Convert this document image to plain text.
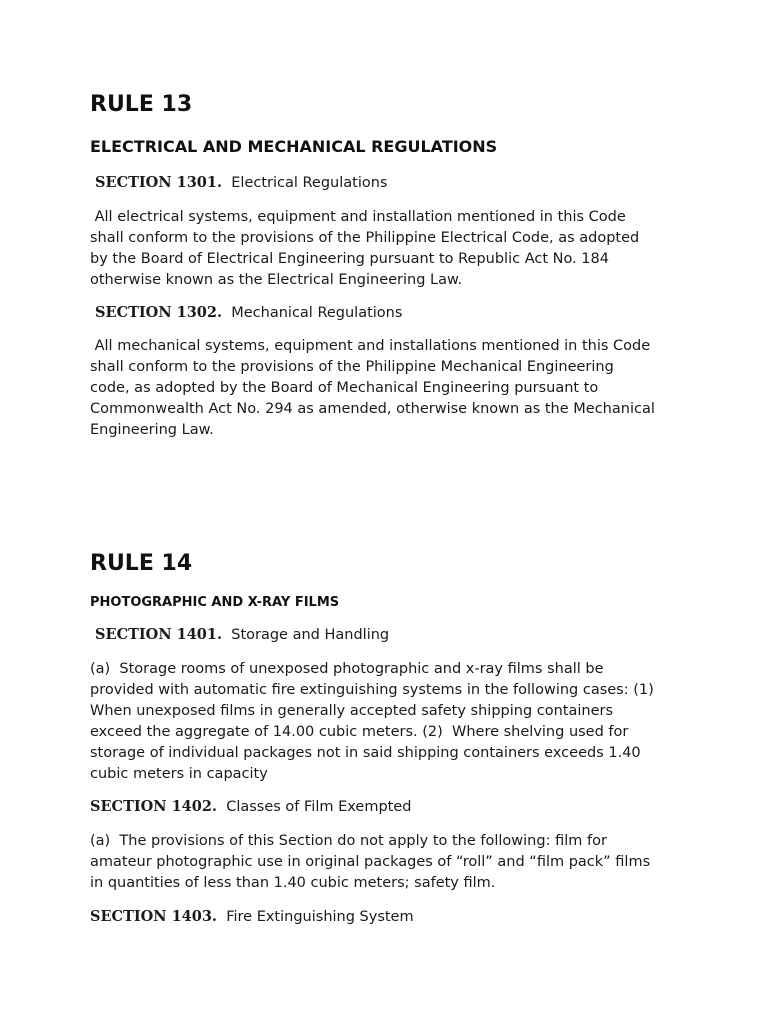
RULE 13
ELECTRICAL AND MECHANICAL REGULATIONS

SECTION 1301. Electrical Regulations

All electrical systems, equipment and installation mentioned in this Code
shall conform to the provisions of the Philippine Electrical Code, as adopted
by the Board of Electrical Engineering pursuant to Republic Act No. 184
otherwise known as the Electrical Engineering Law.

SECTION 1302. Mechanical Regulations

All mechanical systems, equipment and installations mentioned in this Code
shall conform to the provisions of the Philippine Mechanical Engineering
code, as adopted by the Board of Mechanical Engineering pursuant to
Commonwealth Act No. 294 as amended, otherwise known as the Mechanical
Engineering Law.

RULE 14
PHOTOGRAPHIC AND X-RAY FILMS

SECTION 1401. Storage and Handling

(a)  Storage rooms of unexposed photographic and x-ray films shall be
provided with automatic fire extinguishing systems in the following cases: (1)
When unexposed films in generally accepted safety shipping containers
exceed the aggregate of 14.00 cubic meters. (2)  Where shelving used for
storage of individual packages not in said shipping containers exceeds 1.40
cubic meters in capacity

SECTION 1402. Classes of Film Exempted

(a)  The provisions of this Section do not apply to the following: film for
amateur photographic use in original packages of “roll” and “film pack” films
in quantities of less than 1.40 cubic meters; safety film.

SECTION 1403. Fire Extinguishing System
